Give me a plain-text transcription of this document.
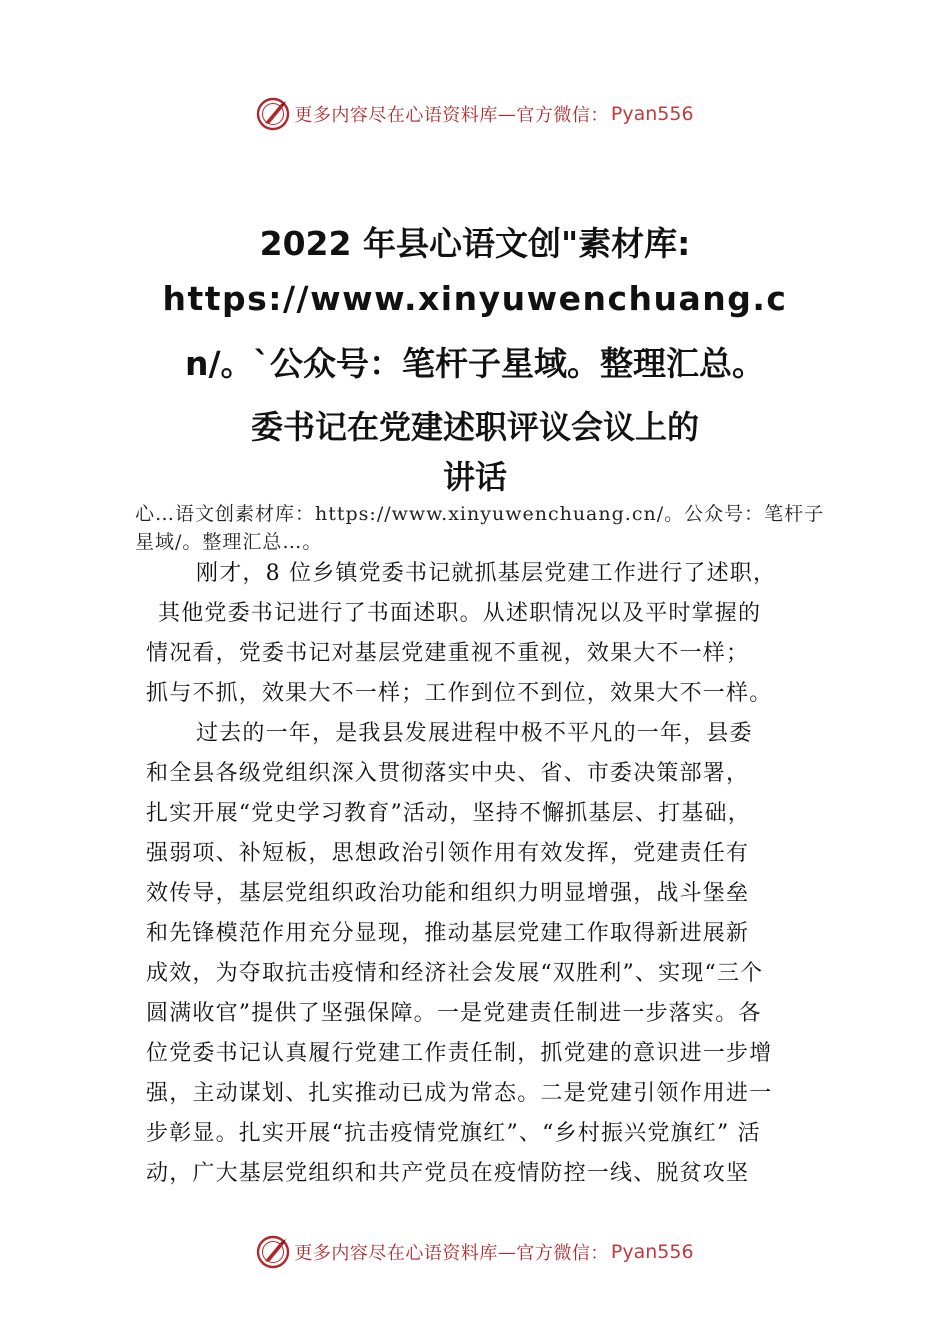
更多内容尽在心语资料库 — 官方微信： Pyan556
2022 年县心语文创"素材库:
https://www.xinyuwenchuang.c
n/。`公众号：笔杆子星域。整理汇总。
委书记在党建述职评议会议上的
讲话
心…语文创素材库：https://www.xinyuwenchuang.cn/。公众号：笔杆子星域/。整理汇总…。
刚才，8 位乡镇党委书记就抓基层党建工作进行了述职，
其他党委书记进行了书面述职。从述职情况以及平时掌握的
情况看，党委书记对基层党建重视不重视，效果大不一样；
抓与不抓，效果大不一样；工作到位不到位，效果大不一样。
过去的一年，是我县发展进程中极不平凡的一年，县委
和全县各级党组织深入贯彻落实中央、省、市委决策部署，
扎实开展“党史学习教育”活动，坚持不懈抓基层、打基础，
强弱项、补短板，思想政治引领作用有效发挥，党建责任有
效传导，基层党组织政治功能和组织力明显增强，战斗堡垒
和先锋模范作用充分显现，推动基层党建工作取得新进展新
成效，为夺取抗击疫情和经济社会发展“双胜利”、实现“三个
圆满收官”提供了坚强保障。一是党建责任制进一步落实。各
位党委书记认真履行党建工作责任制，抓党建的意识进一步增
强，主动谋划、扎实推动已成为常态。二是党建引领作用进一
步彰显。扎实开展“抗击疫情党旗红”、“乡村振兴党旗红” 活
动，广大基层党组织和共产党员在疫情防控一线、脱贫攻坚
更多内容尽在心语资料库 — 官方微信： Pyan556
